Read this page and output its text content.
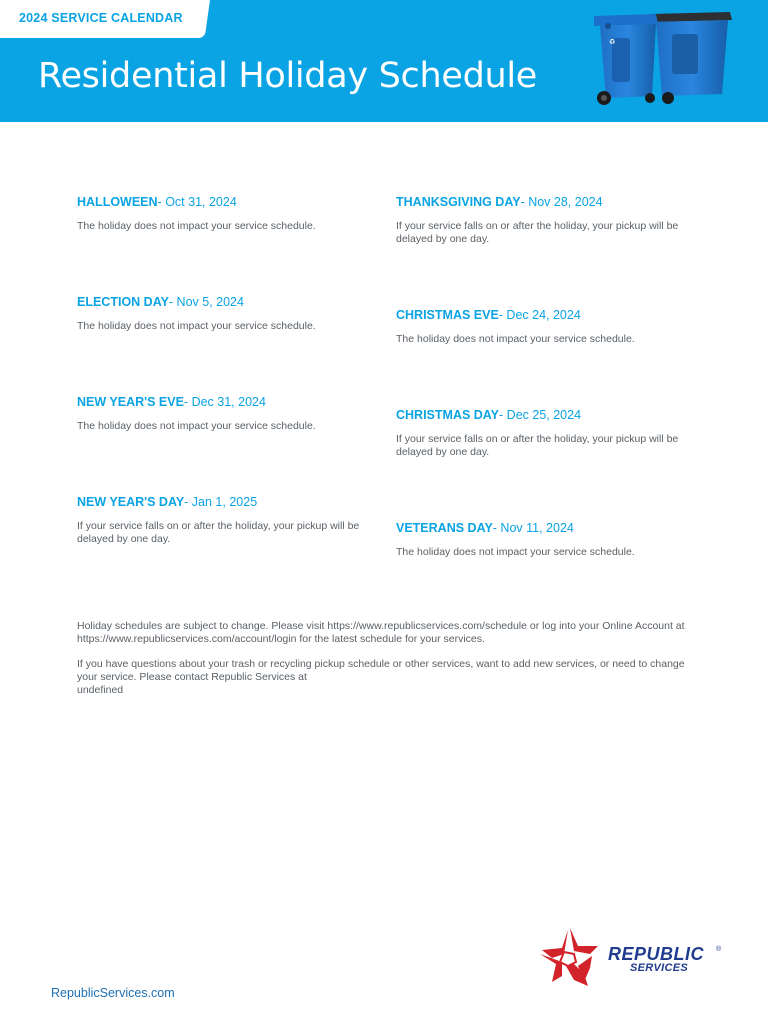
2024 SERVICE CALENDAR
Residential Holiday Schedule
♻
HALLOWEEN- Oct 31, 2024
The holiday does not impact your service schedule.
THANKSGIVING DAY- Nov 28, 2024
If your service falls on or after the holiday, your pickup will be delayed by one day.
ELECTION DAY- Nov 5, 2024
The holiday does not impact your service schedule.
CHRISTMAS EVE- Dec 24, 2024
The holiday does not impact your service schedule.
NEW YEAR'S EVE- Dec 31, 2024
The holiday does not impact your service schedule.
CHRISTMAS DAY- Dec 25, 2024
If your service falls on or after the holiday, your pickup will be delayed by one day.
NEW YEAR'S DAY- Jan 1, 2025
If your service falls on or after the holiday, your pickup will be delayed by one day.
VETERANS DAY- Nov 11, 2024
The holiday does not impact your service schedule.
Holiday schedules are subject to change. Please visit https://www.republicservices.com/schedule or log into your Online Account at https://www.republicservices.com/account/login for the latest schedule for your services.
If you have questions about your trash or recycling pickup schedule or other services, want to add new services, or need to change your service. Please contact Republic Services at
undefined
RepublicServices.com
REPUBLIC ®
SERVICES
